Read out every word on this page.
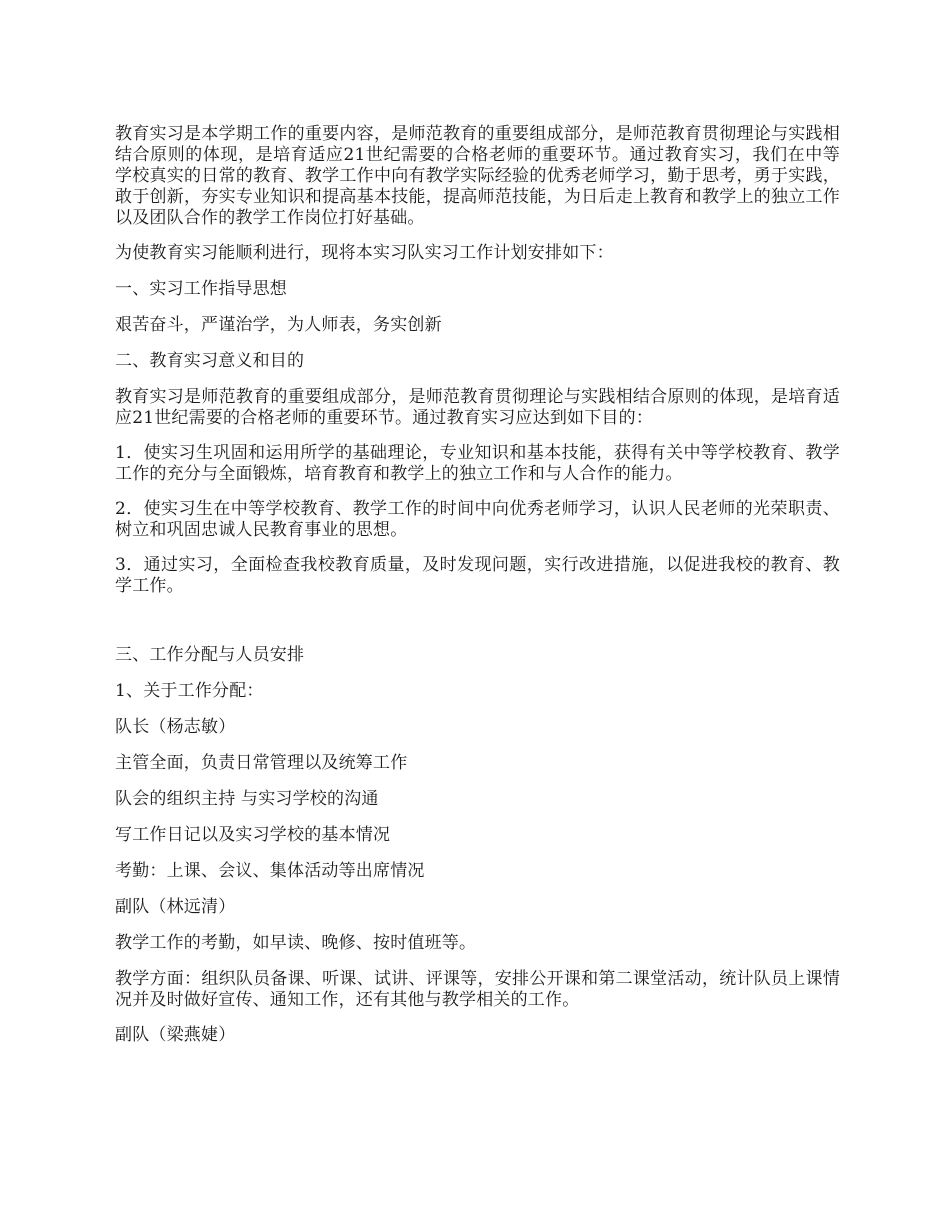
教育实习是本学期工作的重要内容，是师范教育的重要组成部分，是师范教育贯彻理论与实践相结合原则的体现，是培育适应21世纪需要的合格老师的重要环节。通过教育实习，我们在中等学校真实的日常的教育、教学工作中向有教学实际经验的优秀老师学习，勤于思考，勇于实践，敢于创新，夯实专业知识和提高基本技能，提高师范技能，为日后走上教育和教学上的独立工作以及团队合作的教学工作岗位打好基础。

为使教育实习能顺利进行，现将本实习队实习工作计划安排如下：

一、实习工作指导思想

艰苦奋斗，严谨治学，为人师表，务实创新

二、教育实习意义和目的

教育实习是师范教育的重要组成部分，是师范教育贯彻理论与实践相结合原则的体现，是培育适应21世纪需要的合格老师的重要环节。通过教育实习应达到如下目的：

1．使实习生巩固和运用所学的基础理论，专业知识和基本技能，获得有关中等学校教育、教学工作的充分与全面锻炼，培育教育和教学上的独立工作和与人合作的能力。

2．使实习生在中等学校教育、教学工作的时间中向优秀老师学习，认识人民老师的光荣职责、树立和巩固忠诚人民教育事业的思想。

3．通过实习，全面检查我校教育质量，及时发现问题，实行改进措施，以促进我校的教育、教学工作。

三、工作分配与人员安排

1、关于工作分配：

队长（杨志敏）

主管全面，负责日常管理以及统筹工作

队会的组织主持 与实习学校的沟通

写工作日记以及实习学校的基本情况

考勤：上课、会议、集体活动等出席情况

副队（林远清）

教学工作的考勤，如早读、晚修、按时值班等。

教学方面：组织队员备课、听课、试讲、评课等，安排公开课和第二课堂活动，统计队员上课情况并及时做好宣传、通知工作，还有其他与教学相关的工作。

副队（梁燕婕）
